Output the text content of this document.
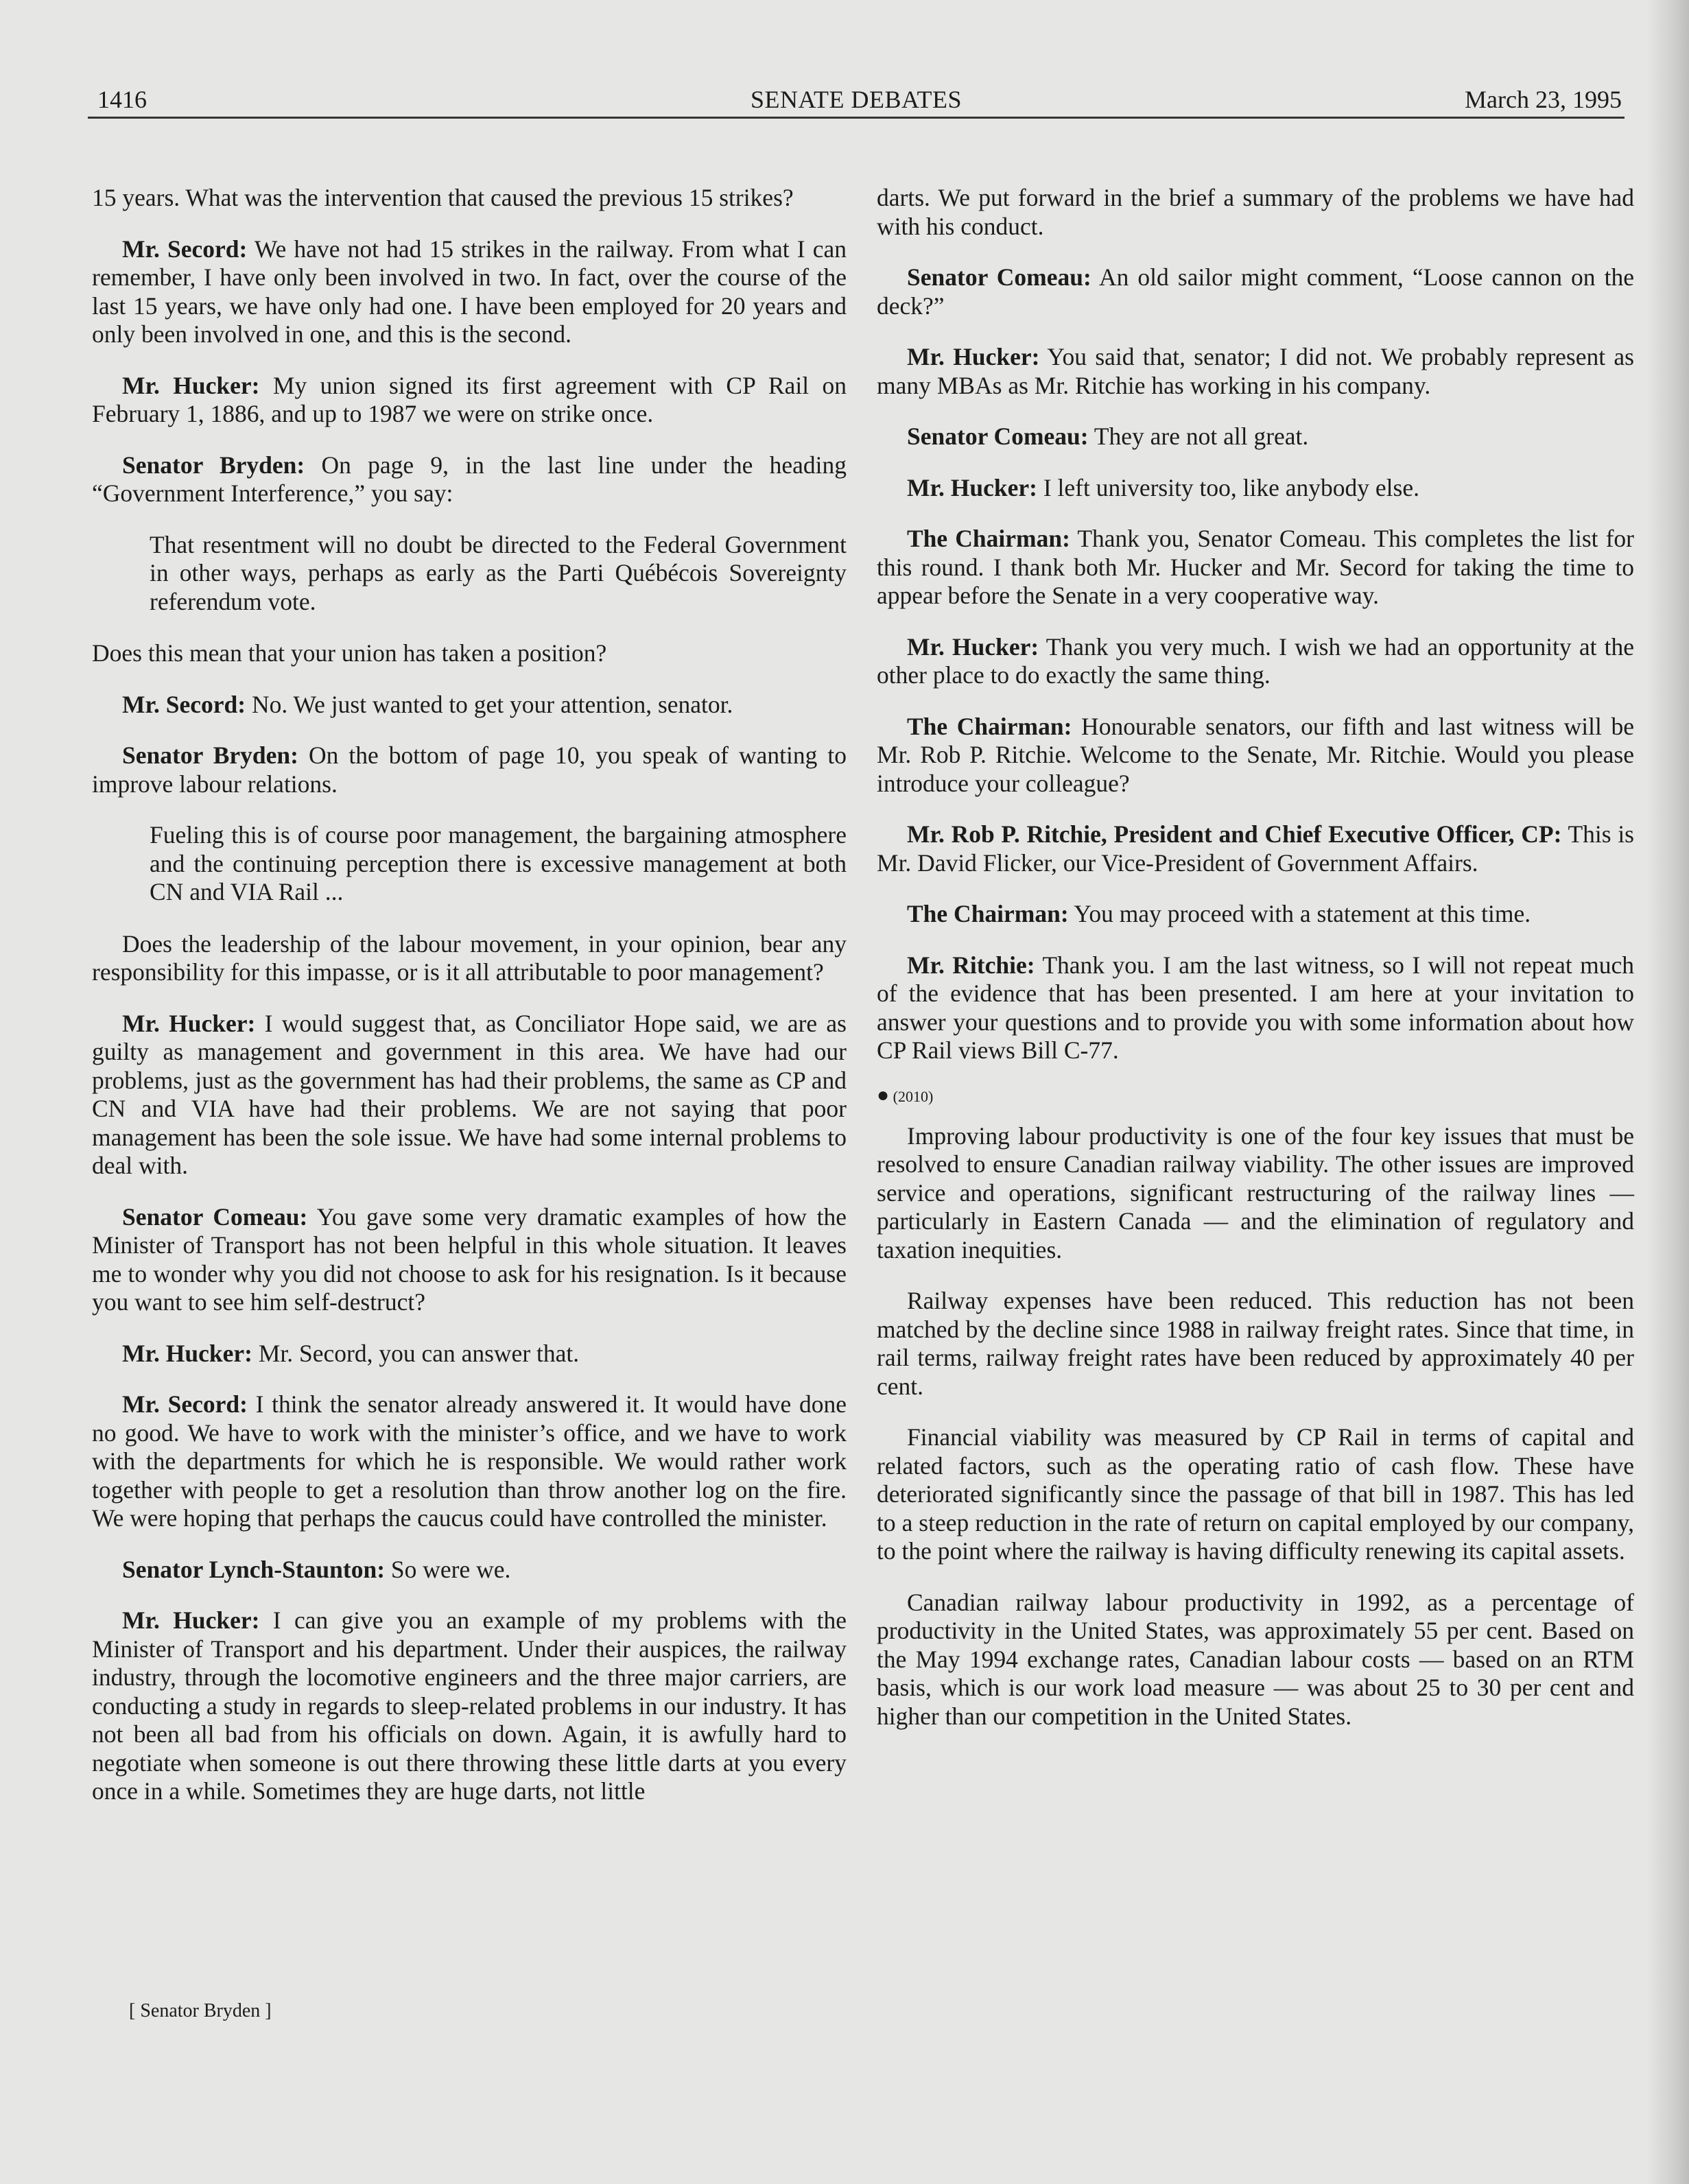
1416	SENATE DEBATES	March 23, 1995

15 years. What was the intervention that caused the previous 15 strikes?

Mr. Secord: We have not had 15 strikes in the railway. From what I can remember, I have only been involved in two. In fact, over the course of the last 15 years, we have only had one. I have been employed for 20 years and only been involved in one, and this is the second.

Mr. Hucker: My union signed its first agreement with CP Rail on February 1, 1886, and up to 1987 we were on strike once.

Senator Bryden: On page 9, in the last line under the heading “Government Interference,” you say:

That resentment will no doubt be directed to the Federal Government in other ways, perhaps as early as the Parti Québécois Sovereignty referendum vote.

Does this mean that your union has taken a position?

Mr. Secord: No. We just wanted to get your attention, senator.

Senator Bryden: On the bottom of page 10, you speak of wanting to improve labour relations.

Fueling this is of course poor management, the bargaining atmosphere and the continuing perception there is excessive management at both CN and VIA Rail ...

Does the leadership of the labour movement, in your opinion, bear any responsibility for this impasse, or is it all attributable to poor management?

Mr. Hucker: I would suggest that, as Conciliator Hope said, we are as guilty as management and government in this area. We have had our problems, just as the government has had their problems, the same as CP and CN and VIA have had their problems. We are not saying that poor management has been the sole issue. We have had some internal problems to deal with.

Senator Comeau: You gave some very dramatic examples of how the Minister of Transport has not been helpful in this whole situation. It leaves me to wonder why you did not choose to ask for his resignation. Is it because you want to see him self-destruct?

Mr. Hucker: Mr. Secord, you can answer that.

Mr. Secord: I think the senator already answered it. It would have done no good. We have to work with the minister’s office, and we have to work with the departments for which he is responsible. We would rather work together with people to get a resolution than throw another log on the fire. We were hoping that perhaps the caucus could have controlled the minister.

Senator Lynch-Staunton: So were we.

Mr. Hucker: I can give you an example of my problems with the Minister of Transport and his department. Under their auspices, the railway industry, through the locomotive engineers and the three major carriers, are conducting a study in regards to sleep-related problems in our industry. It has not been all bad from his officials on down. Again, it is awfully hard to negotiate when someone is out there throwing these little darts at you every once in a while. Sometimes they are huge darts, not little

[ Senator Bryden ]

darts. We put forward in the brief a summary of the problems we have had with his conduct.

Senator Comeau: An old sailor might comment, “Loose cannon on the deck?”

Mr. Hucker: You said that, senator; I did not. We probably represent as many MBAs as Mr. Ritchie has working in his company.

Senator Comeau: They are not all great.

Mr. Hucker: I left university too, like anybody else.

The Chairman: Thank you, Senator Comeau. This completes the list for this round. I thank both Mr. Hucker and Mr. Secord for taking the time to appear before the Senate in a very cooperative way.

Mr. Hucker: Thank you very much. I wish we had an opportunity at the other place to do exactly the same thing.

The Chairman: Honourable senators, our fifth and last witness will be Mr. Rob P. Ritchie. Welcome to the Senate, Mr. Ritchie. Would you please introduce your colleague?

Mr. Rob P. Ritchie, President and Chief Executive Officer, CP: This is Mr. David Flicker, our Vice-President of Government Affairs.

The Chairman: You may proceed with a statement at this time.

Mr. Ritchie: Thank you. I am the last witness, so I will not repeat much of the evidence that has been presented. I am here at your invitation to answer your questions and to provide you with some information about how CP Rail views Bill C-77.

● (2010)

Improving labour productivity is one of the four key issues that must be resolved to ensure Canadian railway viability. The other issues are improved service and operations, significant restructuring of the railway lines — particularly in Eastern Canada — and the elimination of regulatory and taxation inequities.

Railway expenses have been reduced. This reduction has not been matched by the decline since 1988 in railway freight rates. Since that time, in rail terms, railway freight rates have been reduced by approximately 40 per cent.

Financial viability was measured by CP Rail in terms of capital and related factors, such as the operating ratio of cash flow. These have deteriorated significantly since the passage of that bill in 1987. This has led to a steep reduction in the rate of return on capital employed by our company, to the point where the railway is having difficulty renewing its capital assets.

Canadian railway labour productivity in 1992, as a percentage of productivity in the United States, was approximately 55 per cent. Based on the May 1994 exchange rates, Canadian labour costs — based on an RTM basis, which is our work load measure — was about 25 to 30 per cent and higher than our competition in the United States.
